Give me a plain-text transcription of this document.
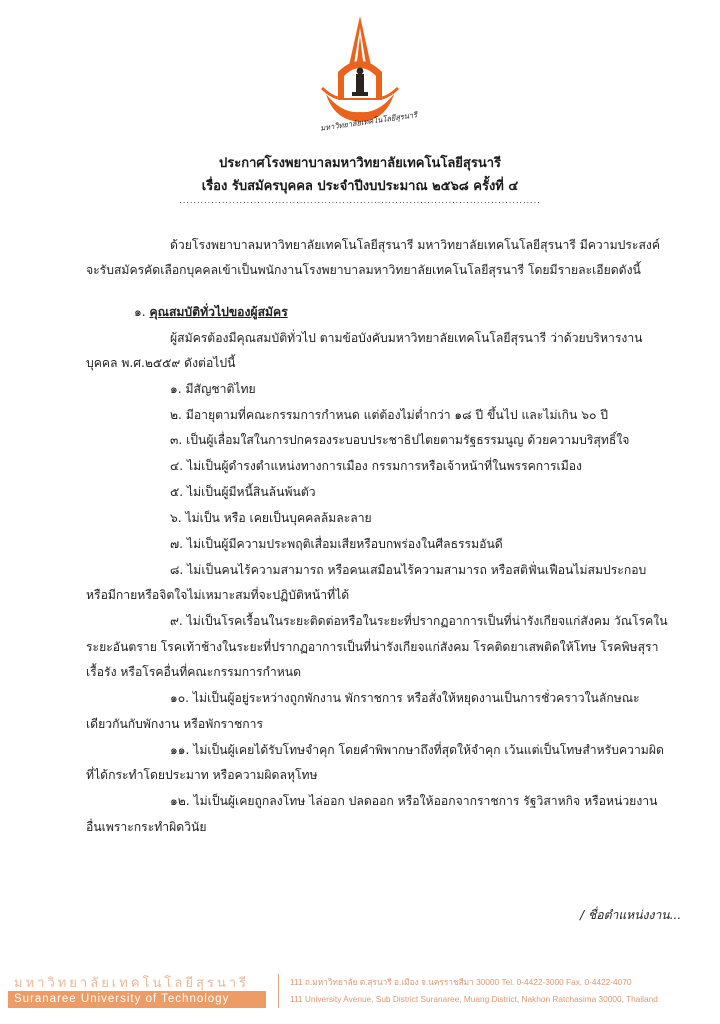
มหาวิทยาลัยเทคโนโลยีสุรนารี
ประกาศโรงพยาบาลมหาวิทยาลัยเทคโนโลยีสุรนารี
เรื่อง รับสมัครบุคคล ประจำปีงบประมาณ ๒๕๖๘ ครั้งที่ ๔
......................................................................................................
ด้วยโรงพยาบาลมหาวิทยาลัยเทคโนโลยีสุรนารี มหาวิทยาลัยเทคโนโลยีสุรนารี มีความประสงค์
จะรับสมัครคัดเลือกบุคคลเข้าเป็นพนักงานโรงพยาบาลมหาวิทยาลัยเทคโนโลยีสุรนารี โดยมีรายละเอียดดังนี้
๑. คุณสมบัติทั่วไปของผู้สมัคร
ผู้สมัครต้องมีคุณสมบัติทั่วไป ตามข้อบังคับมหาวิทยาลัยเทคโนโลยีสุรนารี ว่าด้วยบริหารงาน
บุคคล พ.ศ.๒๕๕๙ ดังต่อไปนี้
๑. มีสัญชาติไทย
๒. มีอายุตามที่คณะกรรมการกำหนด แต่ต้องไม่ต่ำกว่า ๑๘ ปี ขึ้นไป และไม่เกิน ๖๐ ปี
๓. เป็นผู้เลื่อมใสในการปกครองระบอบประชาธิปไตยตามรัฐธรรมนูญ ด้วยความบริสุทธิ์ใจ
๔. ไม่เป็นผู้ดำรงตำแหน่งทางการเมือง กรรมการหรือเจ้าหน้าที่ในพรรคการเมือง
๕. ไม่เป็นผู้มีหนี้สินล้นพ้นตัว
๖. ไม่เป็น หรือ เคยเป็นบุคคลล้มละลาย
๗. ไม่เป็นผู้มีความประพฤติเสื่อมเสียหรือบกพร่องในศีลธรรมอันดี
๘. ไม่เป็นคนไร้ความสามารถ หรือคนเสมือนไร้ความสามารถ หรือสติฟั่นเฟือนไม่สมประกอบ
หรือมีกายหรือจิตใจไม่เหมาะสมที่จะปฏิบัติหน้าที่ได้
๙. ไม่เป็นโรคเรื้อนในระยะติดต่อหรือในระยะที่ปรากฏอาการเป็นที่น่ารังเกียจแก่สังคม วัณโรคใน
ระยะอันตราย โรคเท้าช้างในระยะที่ปรากฏอาการเป็นที่น่ารังเกียจแก่สังคม โรคติดยาเสพติดให้โทษ โรคพิษสุรา
เรื้อรัง หรือโรคอื่นที่คณะกรรมการกำหนด
๑๐. ไม่เป็นผู้อยู่ระหว่างถูกพักงาน พักราชการ หรือสั่งให้หยุดงานเป็นการชั่วคราวในลักษณะ
เดียวกันกับพักงาน หรือพักราชการ
๑๑. ไม่เป็นผู้เคยได้รับโทษจำคุก โดยคำพิพากษาถึงที่สุดให้จำคุก เว้นแต่เป็นโทษสำหรับความผิด
ที่ได้กระทำโดยประมาท หรือความผิดลหุโทษ
๑๒. ไม่เป็นผู้เคยถูกลงโทษ ไล่ออก ปลดออก หรือให้ออกจากราชการ รัฐวิสาหกิจ หรือหน่วยงาน
อื่นเพราะกระทำผิดวินัย
/ ชื่อตำแหน่งงาน...
มหาวิทยาลัยเทคโนโลยีสุรนารี
Suranaree University of Technology
111 ถ.มหาวิทยาลัย ต.สุรนารี อ.เมือง จ.นครราชสีมา 30000 Tel. 0-4422-3000 Fax. 0-4422-4070
111 University Avenue, Sub District Suranaree, Muang District, Nakhon Ratchasima 30000, Thailand
